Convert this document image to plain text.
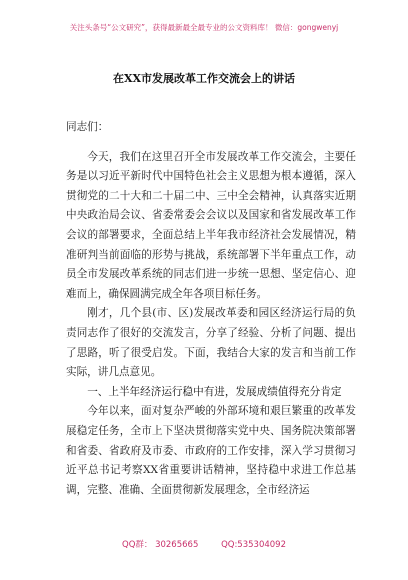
关注头条号“公文研究”，获得最新最全最专业的公文资料库！ 微信：gongwenyj
在XX市发展改革工作交流会上的讲话

同志们：

今天，我们在这里召开全市发展改革工作交流会，主要任务是以习近平新时代中国特色社会主义思想为根本遵循，深入贯彻党的二十大和二十届二中、三中全会精神，认真落实近期中央政治局会议、省委常委会会议以及国家和省发展改革工作会议的部署要求，全面总结上半年我市经济社会发展情况，精准研判当前面临的形势与挑战，系统部署下半年重点工作，动员全市发展改革系统的同志们进一步统一思想、坚定信心、迎难而上，确保圆满完成全年各项目标任务。

刚才，几个县(市、区)发展改革委和园区经济运行局的负责同志作了很好的交流发言，分享了经验、分析了问题、提出了思路，听了很受启发。下面，我结合大家的发言和当前工作实际，讲几点意见。

一、上半年经济运行稳中有进，发展成绩值得充分肯定

今年以来，面对复杂严峻的外部环境和艰巨繁重的改革发展稳定任务，全市上下坚决贯彻落实党中央、国务院决策部署和省委、省政府及市委、市政府的工作安排，深入学习贯彻习近平总书记考察XX省重要讲话精神，坚持稳中求进工作总基调，完整、准确、全面贯彻新发展理念，全市经济运

QQ群： 30265665	QQ:535304092
